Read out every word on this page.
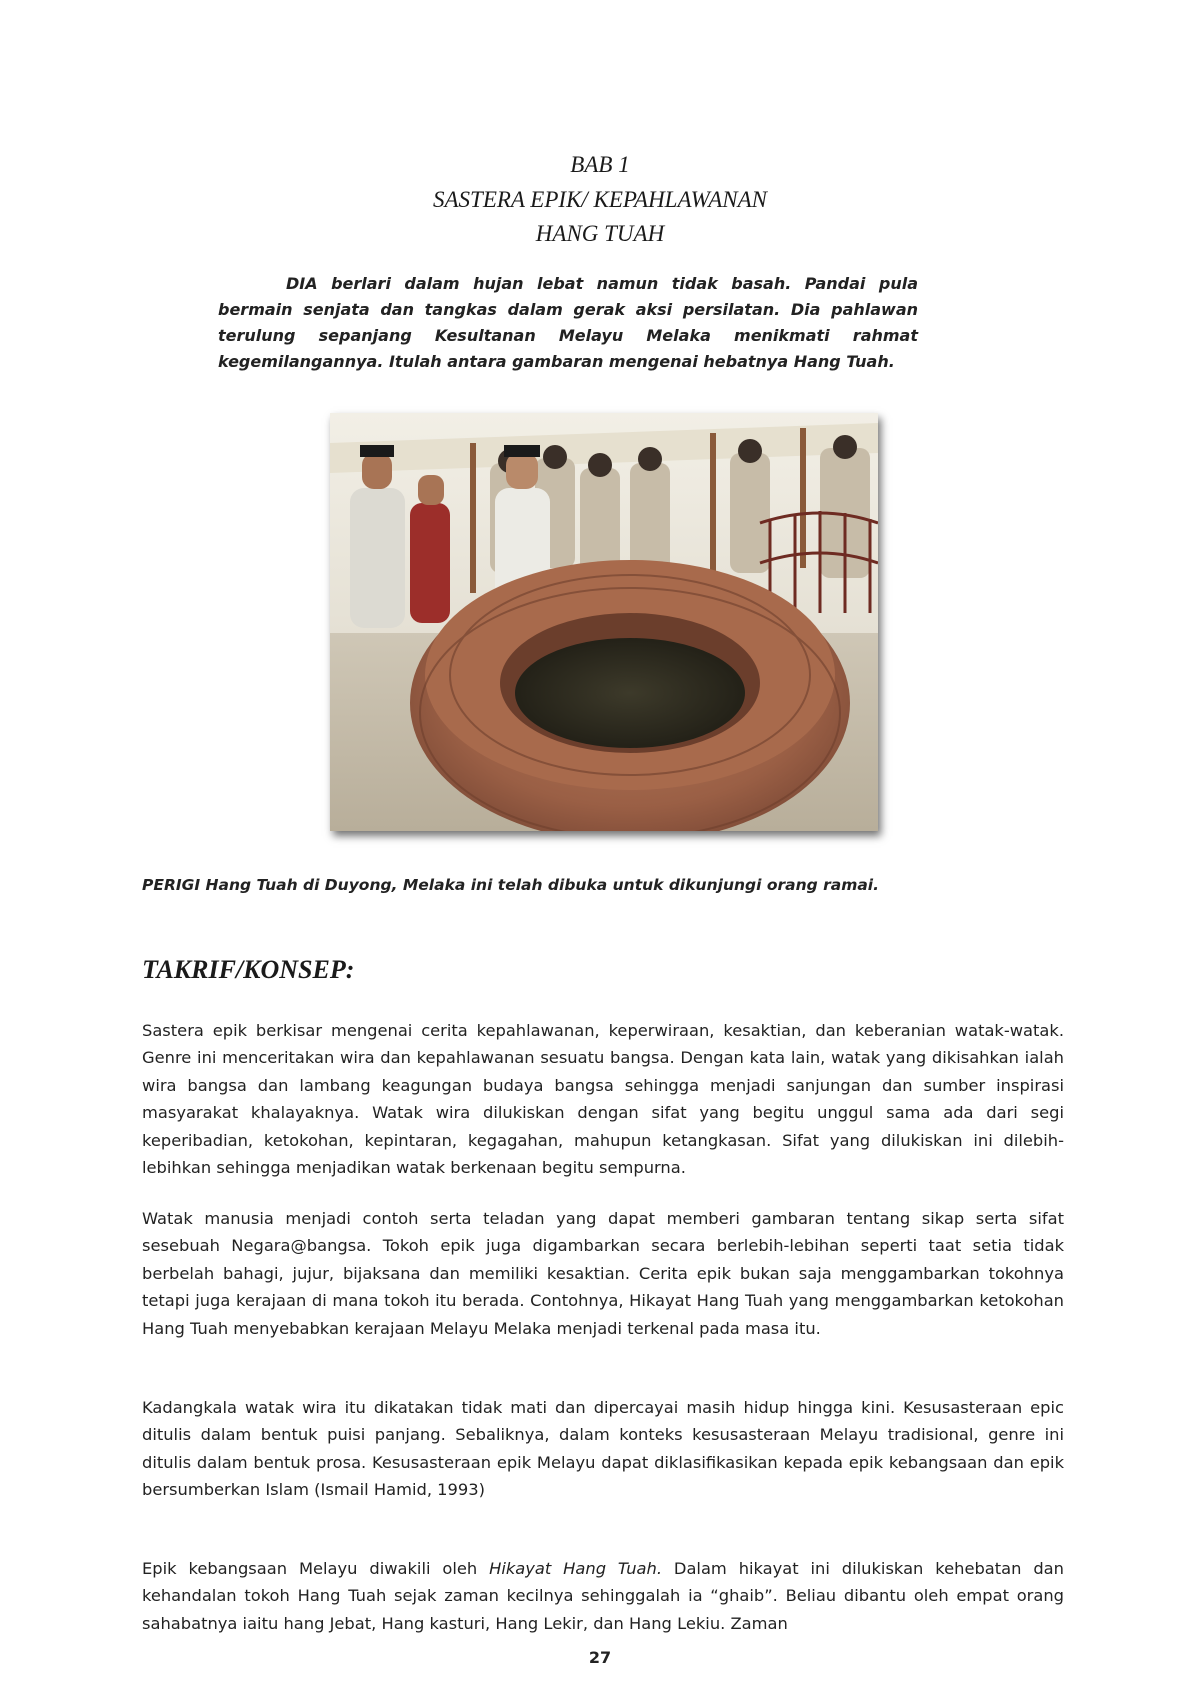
BAB 1
SASTERA EPIK/ KEPAHLAWANAN
HANG TUAH

DIA berlari dalam hujan lebat namun tidak basah. Pandai pula bermain senjata dan tangkas dalam gerak aksi persilatan. Dia pahlawan terulung sepanjang Kesultanan Melayu Melaka menikmati rahmat kegemilangannya. Itulah antara gambaran mengenai hebatnya Hang Tuah.

PERIGI Hang Tuah di Duyong, Melaka ini telah dibuka untuk dikunjungi orang ramai.

TAKRIF/KONSEP:

Sastera epik berkisar mengenai cerita kepahlawanan, keperwiraan, kesaktian, dan keberanian watak-watak. Genre ini menceritakan wira dan kepahlawanan sesuatu bangsa. Dengan kata lain, watak yang dikisahkan ialah wira bangsa dan lambang keagungan budaya bangsa sehingga menjadi sanjungan dan sumber inspirasi masyarakat khalayaknya. Watak wira dilukiskan dengan sifat yang begitu unggul sama ada dari segi keperibadian, ketokohan, kepintaran, kegagahan, mahupun ketangkasan. Sifat yang dilukiskan ini dilebih-lebihkan sehingga menjadikan watak berkenaan begitu sempurna.

Watak manusia menjadi contoh serta teladan yang dapat memberi gambaran tentang sikap serta sifat sesebuah Negara@bangsa. Tokoh epik juga digambarkan secara berlebih-lebihan seperti taat setia tidak berbelah bahagi, jujur, bijaksana dan memiliki kesaktian. Cerita epik bukan saja menggambarkan tokohnya tetapi juga kerajaan di mana tokoh itu berada. Contohnya, Hikayat Hang Tuah yang menggambarkan ketokohan Hang Tuah menyebabkan kerajaan Melayu Melaka menjadi terkenal pada masa itu.

Kadangkala watak wira itu dikatakan tidak mati dan dipercayai masih hidup hingga kini. Kesusasteraan epic ditulis dalam bentuk puisi panjang. Sebaliknya, dalam konteks kesusasteraan Melayu tradisional, genre ini ditulis dalam bentuk prosa. Kesusasteraan epik Melayu dapat diklasifikasikan kepada epik kebangsaan dan epik bersumberkan Islam (Ismail Hamid, 1993)

Epik kebangsaan Melayu diwakili oleh Hikayat Hang Tuah. Dalam hikayat ini dilukiskan kehebatan dan kehandalan tokoh Hang Tuah sejak zaman kecilnya sehinggalah ia “ghaib”. Beliau dibantu oleh empat orang sahabatnya iaitu hang Jebat, Hang kasturi, Hang Lekir, dan Hang Lekiu. Zaman

27
